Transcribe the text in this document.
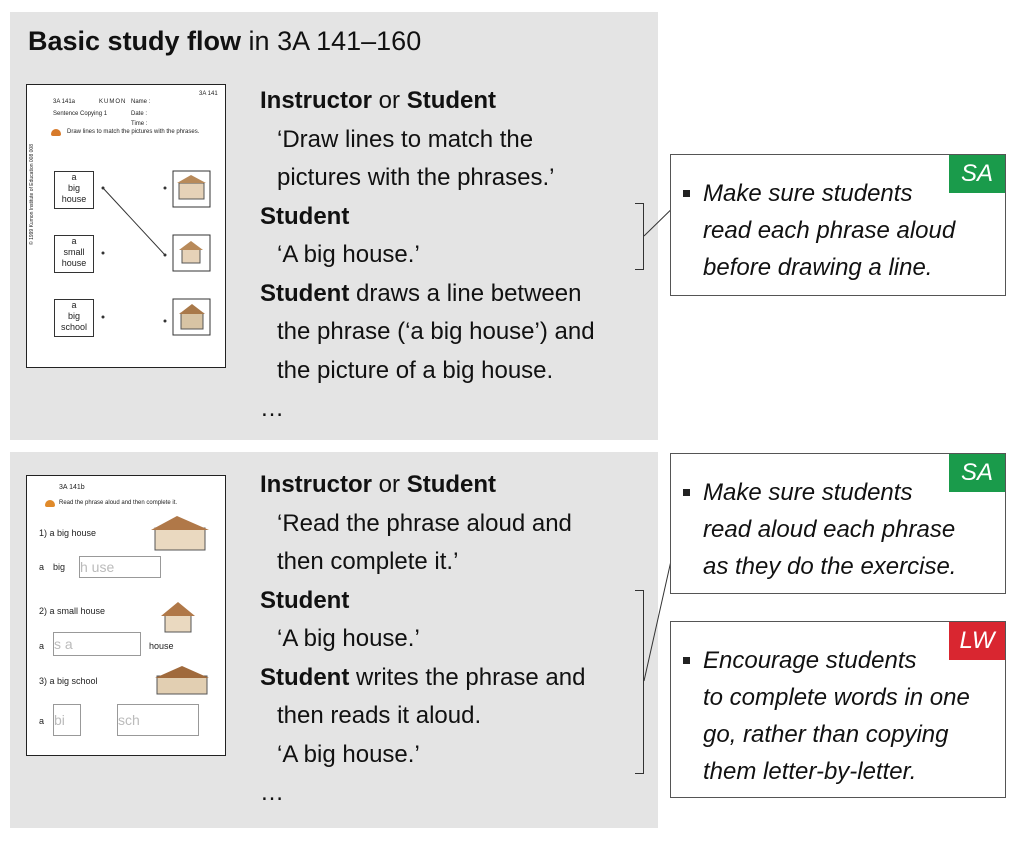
Basic study flow in 3A 141–160
3A 141a	KUMON Name :
Date :
Time :
3A 141
Sentence Copying 1
Draw lines to match the pictures with the phrases.
© 1999 Kumon Institute of Education 008 008	a
big
house
a
small
house
a
big
school
Instructor or Student
‘Draw lines to match the
pictures with the phrases.’
Student
‘A big house.’
Student draws a line between
the phrase (‘a big house’) and
the picture of a big house.
…
3A 141b
Read the phrase aloud and then complete it.
1) a big house
a big h use
2) a small house
a s a	house
3) a big school
a bi	sch
Instructor or Student
‘Read the phrase aloud and
then complete it.’
Student
‘A big house.’
Student writes the phrase and
then reads it aloud.
‘A big house.’
…
SA
Make sure students
read each phrase aloud
before drawing a line.
SA
Make sure students
read aloud each phrase
as they do the exercise.
LW
Encourage students
to complete words in one
go, rather than copying
them letter-by-letter.
